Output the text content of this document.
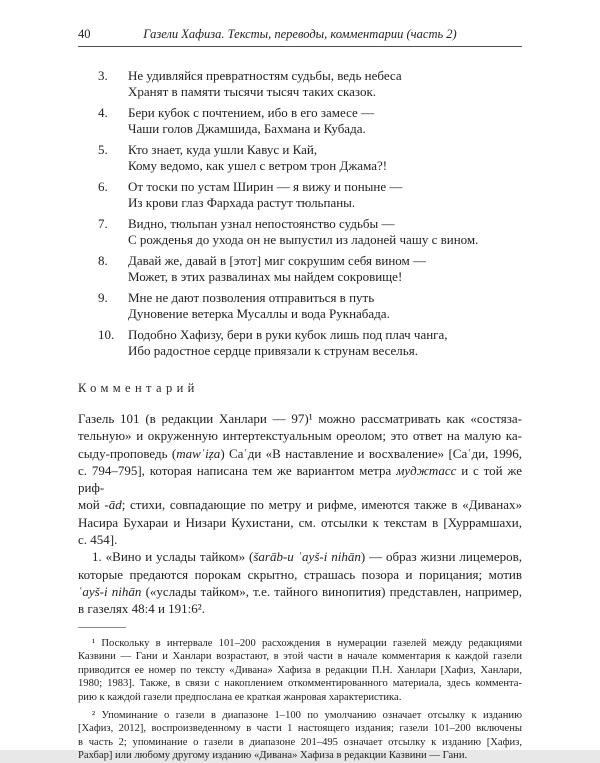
40	Газели Хафиза. Тексты, переводы, комментарии (часть 2)
3.	Не удивляйся превратностям судьбы, ведь небеса
Хранят в памяти тысячи тысяч таких сказок.
4.	Бери кубок с почтением, ибо в его замесе —
Чаши голов Джамшида, Бахмана и Кубада.
5.	Кто знает, куда ушли Кавус и Кай,
Кому ведомо, как ушел с ветром трон Джама?!
6.	От тоски по устам Ширин — я вижу и поныне —
Из крови глаз Фархада растут тюльпаны.
7.	Видно, тюльпан узнал непостоянство судьбы —
С рожденья до ухода он не выпустил из ладоней чашу с вином.
8.	Давай же, давай в [этот] миг сокрушим себя вином —
Может, в этих развалинах мы найдем сокровище!
9.	Мне не дают позволения отправиться в путь
Дуновение ветерка Мусаллы и вода Рукнабада.
10.	Подобно Хафизу, бери в руки кубок лишь под плач чанга,
Ибо радостное сердце привязали к струнам веселья.
Комментарий
Газель 101 (в редакции Ханлари — 97)¹ можно рассматривать как «состяза-
тельную» и окруженную интертекстуальным ореолом; это ответ на малую ка-
сыду-проповедь (mawʿiẓa) Саʿди «В наставление и восхваление» [Саʿди, 1996,
с. 794–795], которая написана тем же вариантом метра муджтасс и с той же риф-
мой -ād; стихи, совпадающие по метру и рифме, имеются также в «Диванах»
Насира Бухараи и Низари Кухистани, см. отсылки к текстам в [Хуррамшахи,
с. 454].
1. «Вино и услады тайком» (šarāb-u ʿayš-i nihān) — образ жизни лицемеров,
которые предаются порокам скрытно, страшась позора и порицания; мотив
ʿayš-i nihān («услады тайком», т.е. тайного винопития) представлен, например,
в газелях 48:4 и 191:6².
¹ Поскольку в интервале 101–200 расхождения в нумерации газелей между редакциями
Казвини — Гани и Ханлари возрастают, в этой части в начале комментария к каждой газели
приводится ее номер по тексту «Дивана» Хафиза в редакции П.Н. Ханлари [Хафиз, Ханлари,
1980; 1983]. Также, в связи с накоплением откомментированного материала, здесь коммента-
рию к каждой газели предпослана ее краткая жанровая характеристика.
² Упоминание о газели в диапазоне 1–100 по умолчанию означает отсылку к изданию
[Хафиз, 2012], воспроизведенному в части 1 настоящего издания; газели 101–200 включены
в часть 2; упоминание о газели в диапазоне 201–495 означает отсылку к изданию [Хафиз,
Рахбар] или любому другому изданию «Дивана» Хафиза в редакции Казвини — Гани.
